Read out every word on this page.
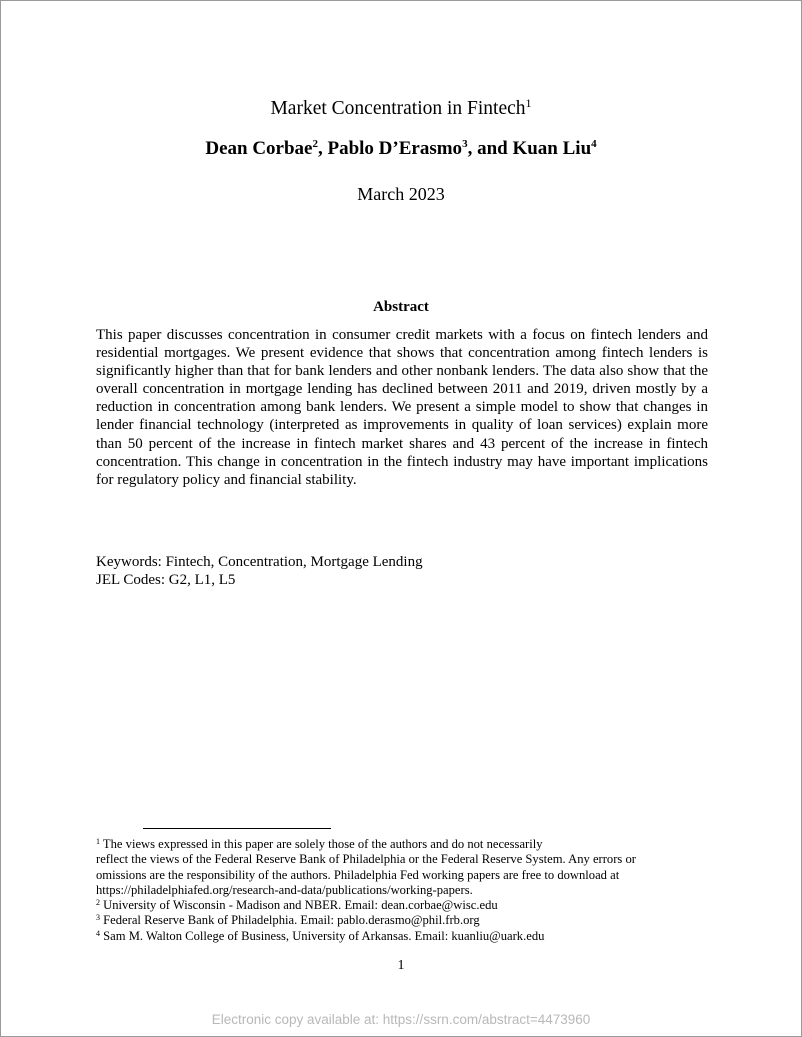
Market Concentration in Fintech$^1$
Dean Corbae$^2$, Pablo D’Erasmo$^3$, and Kuan Liu$^4$
March 2023
Abstract

This paper discusses concentration in consumer credit markets with a focus on fintech lenders and residential mortgages. We present evidence that shows that concentration among fintech lenders is significantly higher than that for bank lenders and other nonbank lenders. The data also show that the overall concentration in mortgage lending has declined between 2011 and 2019, driven mostly by a reduction in concentration among bank lenders. We present a simple model to show that changes in lender financial technology (interpreted as improvements in quality of loan services) explain more than 50 percent of the increase in fintech market shares and 43 percent of the increase in fintech concentration. This change in concentration in the fintech industry may have important implications for regulatory policy and financial stability.

Keywords: Fintech, Concentration, Mortgage Lending
JEL Codes: G2, L1, L5

$^1$ The views expressed in this paper are solely those of the authors and do not necessarily

reflect the views of the Federal Reserve Bank of Philadelphia or the Federal Reserve System. Any errors or

omissions are the responsibility of the authors. Philadelphia Fed working papers are free to download at

https://philadelphiafed.org/research-and-data/publications/working-papers.

$^2$ University of Wisconsin - Madison and NBER. Email: dean.corbae@wisc.edu

$^3$ Federal Reserve Bank of Philadelphia. Email: pablo.derasmo@phil.frb.org

$^4$ Sam M. Walton College of Business, University of Arkansas. Email: kuanliu@uark.edu

1
Electronic copy available at: https://ssrn.com/abstract=4473960
